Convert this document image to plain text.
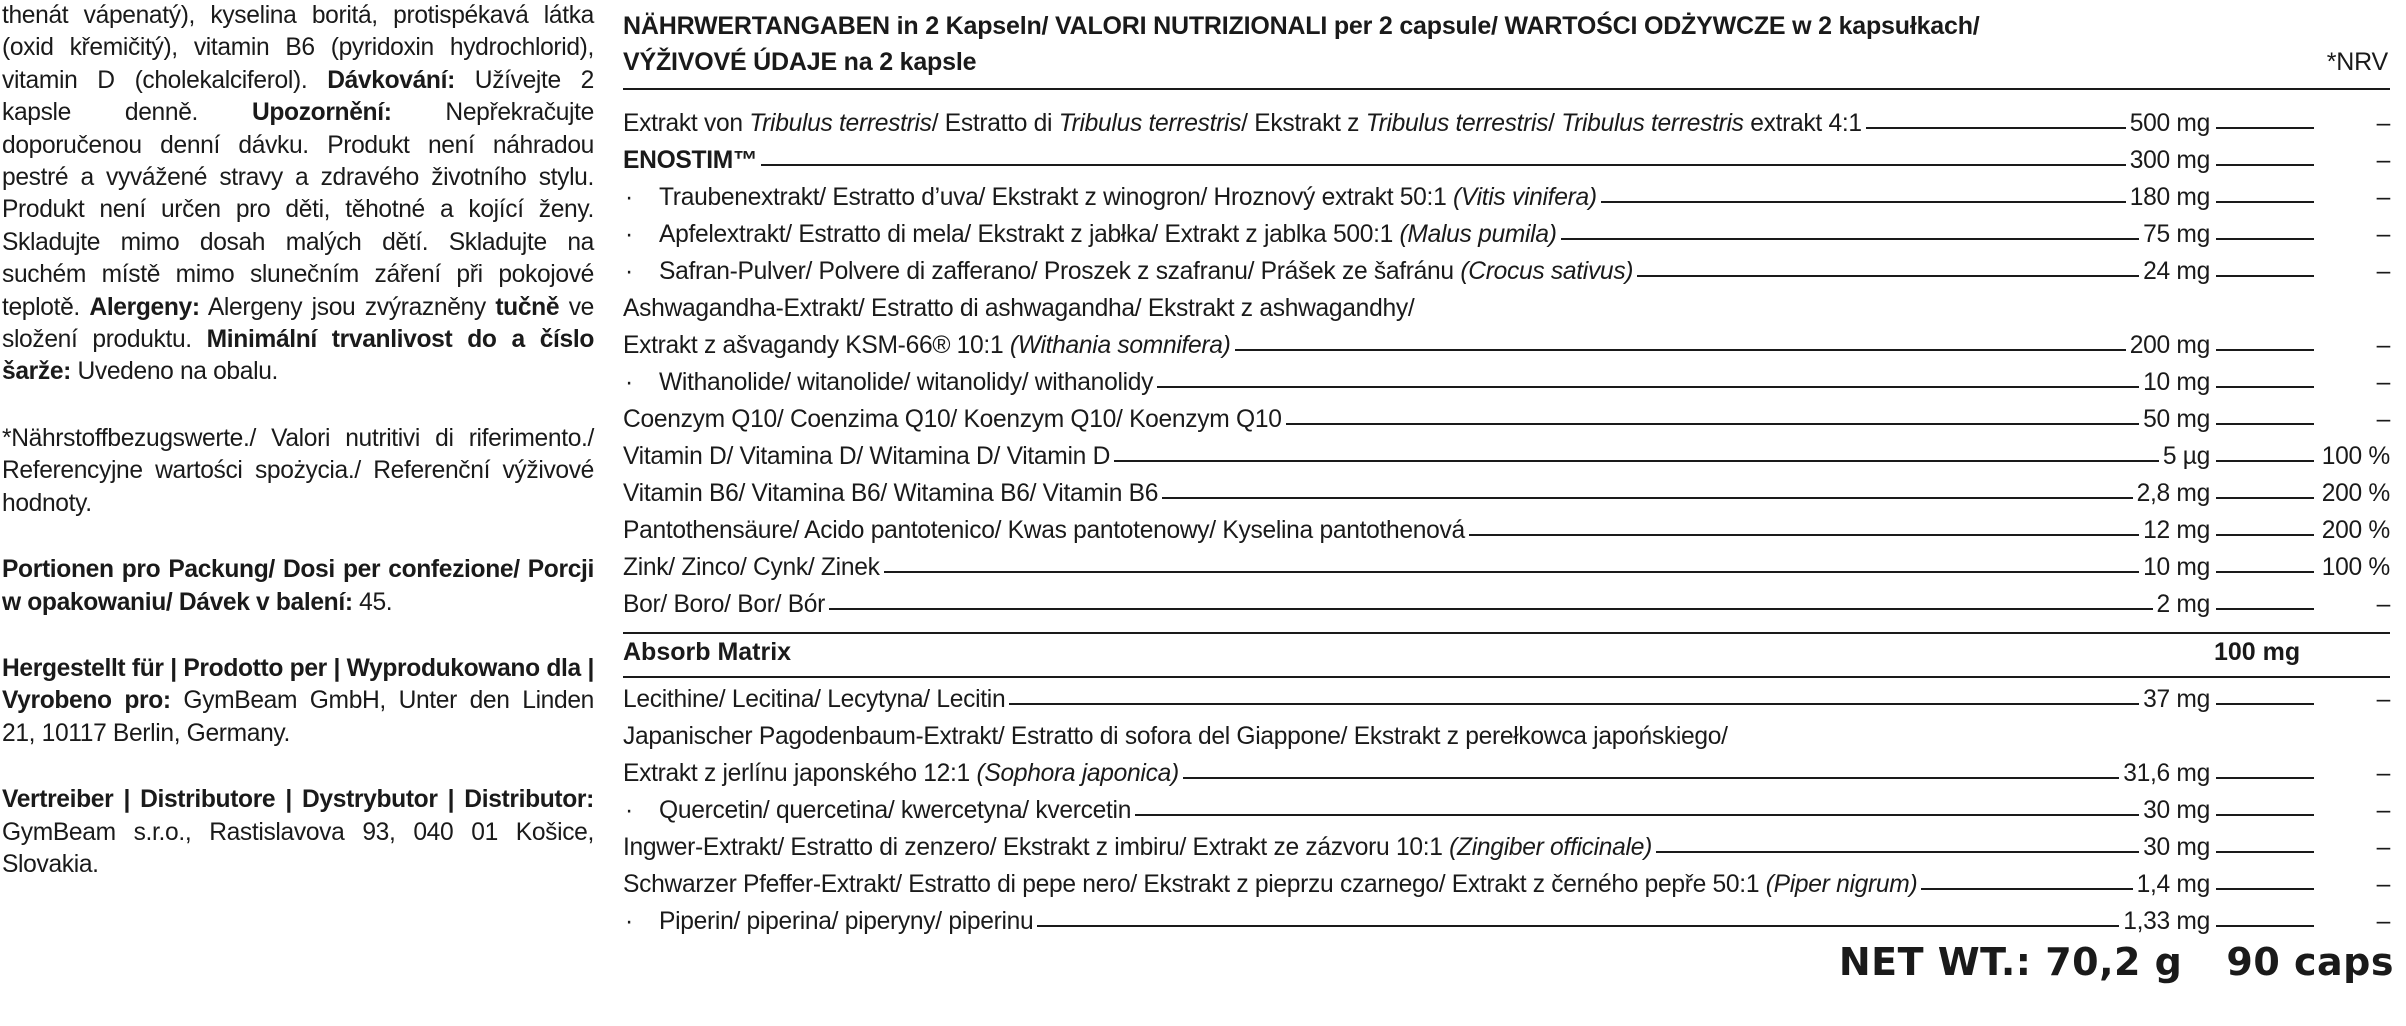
thenát vápenatý), kyselina boritá, protispékavá látka (oxid křemičitý), vitamin B6 (pyridoxin hydrochlorid), vitamin D (cholekalciferol). Dávkování: Užívejte 2 kapsle denně. Upozornění: Nepřekračujte doporučenou denní dávku. Produkt není náhradou pestré a vyvážené stravy a zdravého životního stylu. Produkt není určen pro děti, těhotné a kojící ženy. Skladujte mimo dosah malých dětí. Skladujte na suchém místě mimo slunečním záření při pokojové teplotě. Alergeny: Alergeny jsou zvýrazněny tučně ve složení produktu. Minimální trvanlivost do a číslo šarže: Uvedeno na obalu.

*Nährstoffbezugswerte./ Valori nutritivi di riferimento./ Referencyjne wartości spożycia./ Referenční výživové hodnoty.

Portionen pro Packung/ Dosi per confezione/ Porcji w opakowaniu/ Dávek v balení: 45.

Hergestellt für | Prodotto per | Wyprodukowano dla | Vyrobeno pro: GymBeam GmbH, Unter den Linden 21, 10117 Berlin, Germany.

Vertreiber | Distributore | Dystrybutor | Distributor: GymBeam s.r.o., Rastislavova 93, 040 01 Košice, Slovakia.

NÄHRWERTANGABEN in 2 Kapseln/ VALORI NUTRIZIONALI per 2 capsule/ WARTOŚCI ODŻYWCZE w 2 kapsułkach/
VÝŽIVOVÉ ÚDAJE na 2 kapsle	*NRV
Extrakt von Tribulus terrestris/ Estratto di Tribulus terrestris/ Ekstrakt z Tribulus terrestris/ Tribulus terrestris extrakt 4:1	500 mg	–
ENOSTIM™	300 mg	–
· Traubenextrakt/ Estratto d’uva/ Ekstrakt z winogron/ Hroznový extrakt 50:1 (Vitis vinifera)	180 mg	–
· Apfelextrakt/ Estratto di mela/ Ekstrakt z jabłka/ Extrakt z jablka 500:1 (Malus pumila)	75 mg	–
· Safran-Pulver/ Polvere di zafferano/ Proszek z szafranu/ Prášek ze šafránu (Crocus sativus)	24 mg	–
Ashwagandha-Extrakt/ Estratto di ashwagandha/ Ekstrakt z ashwagandhy/
Extrakt z ašvagandy KSM-66® 10:1 (Withania somnifera)	200 mg	–
· Withanolide/ witanolide/ witanolidy/ withanolidy	10 mg	–
Coenzym Q10/ Coenzima Q10/ Koenzym Q10/ Koenzym Q10	50 mg	–
Vitamin D/ Vitamina D/ Witamina D/ Vitamin D	5 µg	100 %
Vitamin B6/ Vitamina B6/ Witamina B6/ Vitamin B6	2,8 mg	200 %
Pantothensäure/ Acido pantotenico/ Kwas pantotenowy/ Kyselina pantothenová	12 mg	200 %
Zink/ Zinco/ Cynk/ Zinek	10 mg	100 %
Bor/ Boro/ Bor/ Bór	2 mg	–
Absorb Matrix	100 mg
Lecithine/ Lecitina/ Lecytyna/ Lecitin	37 mg	–
Japanischer Pagodenbaum-Extrakt/ Estratto di sofora del Giappone/ Ekstrakt z perełkowca japońskiego/
Extrakt z jerlínu japonského 12:1 (Sophora japonica)	31,6 mg	–
· Quercetin/ quercetina/ kwercetyna/ kvercetin	30 mg	–
Ingwer-Extrakt/ Estratto di zenzero/ Ekstrakt z imbiru/ Extrakt ze zázvoru 10:1 (Zingiber officinale)	30 mg	–
Schwarzer Pfeffer-Extrakt/ Estratto di pepe nero/ Ekstrakt z pieprzu czarnego/ Extrakt z černého pepře 50:1 (Piper nigrum)	1,4 mg	–
· Piperin/ piperina/ piperyny/ piperinu	1,33 mg	–
NET WT.: 70,2 g 90 caps
